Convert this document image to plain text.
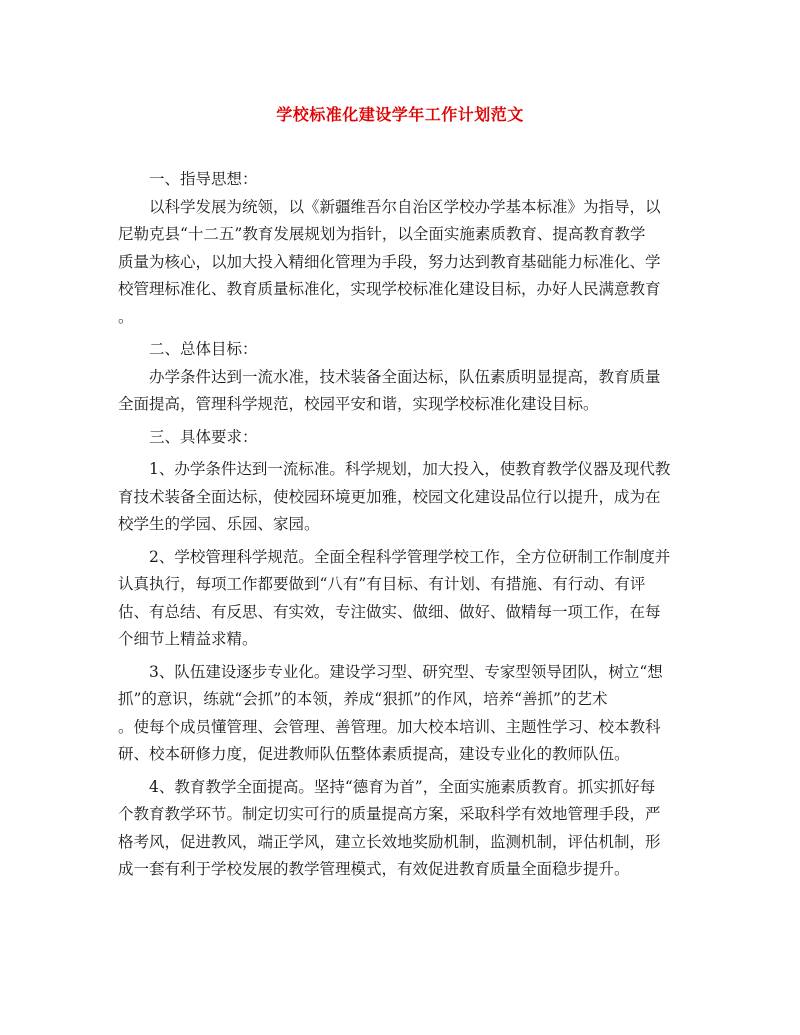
学校标准化建设学年工作计划范文
一、指导思想：
以科学发展为统领，以《新疆维吾尔自治区学校办学基本标准》为指导，以
尼勒克县“十二五”教育发展规划为指针，以全面实施素质教育、提高教育教学
质量为核心，以加大投入精细化管理为手段，努力达到教育基础能力标准化、学
校管理标准化、教育质量标准化，实现学校标准化建设目标，办好人民满意教育
。
二、总体目标：
办学条件达到一流水准，技术装备全面达标，队伍素质明显提高，教育质量
全面提高，管理科学规范，校园平安和谐，实现学校标准化建设目标。
三、具体要求：
1、办学条件达到一流标准。科学规划，加大投入，使教育教学仪器及现代教
育技术装备全面达标，使校园环境更加雅，校园文化建设品位行以提升，成为在
校学生的学园、乐园、家园。
2、学校管理科学规范。全面全程科学管理学校工作，全方位研制工作制度并
认真执行，每项工作都要做到“八有”有目标、有计划、有措施、有行动、有评
估、有总结、有反思、有实效，专注做实、做细、做好、做精每一项工作，在每
个细节上精益求精。
3、队伍建设逐步专业化。建设学习型、研究型、专家型领导团队，树立“想
抓”的意识，练就“会抓”的本领，养成“狠抓”的作风，培养“善抓”的艺术
。使每个成员懂管理、会管理、善管理。加大校本培训、主题性学习、校本教科
研、校本研修力度，促进教师队伍整体素质提高，建设专业化的教师队伍。
4、教育教学全面提高。坚持“德育为首”，全面实施素质教育。抓实抓好每
个教育教学环节。制定切实可行的质量提高方案，采取科学有效地管理手段，严
格考风，促进教风，端正学风，建立长效地奖励机制，监测机制，评估机制，形
成一套有利于学校发展的教学管理模式，有效促进教育质量全面稳步提升。
